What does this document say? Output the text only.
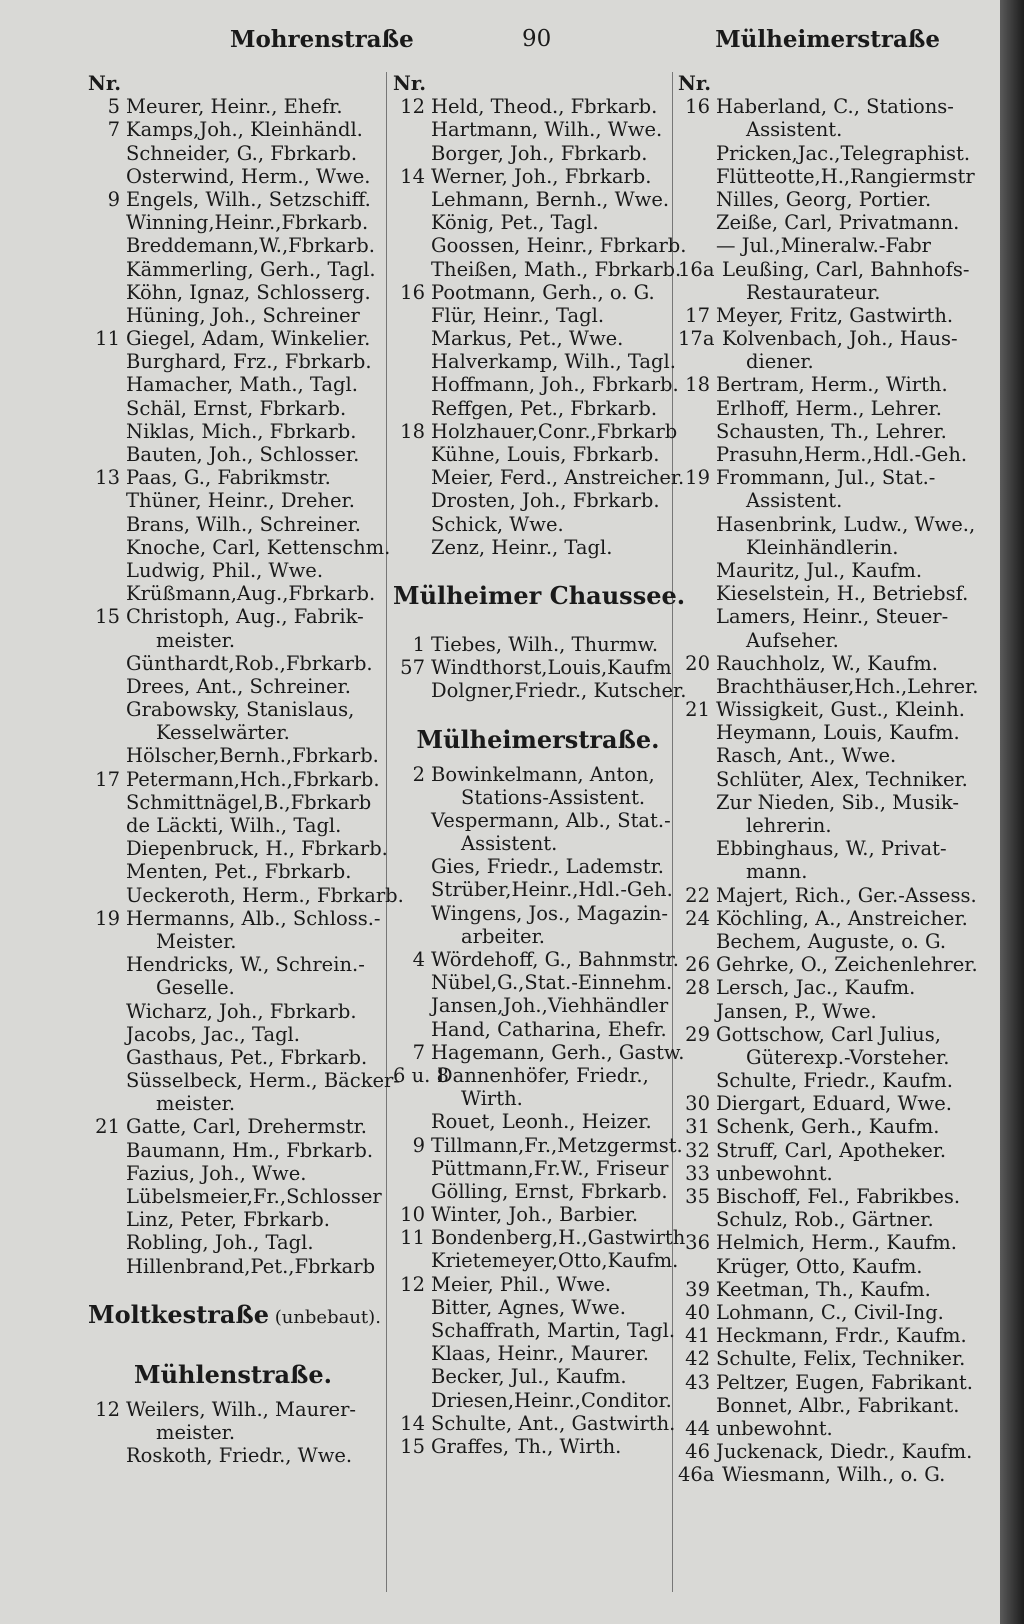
Mohrenstraße	90	Mülheimerstraße
Nr.
5 Meurer, Heinr., Ehefr.
7 Kamps,Joh., Kleinhändl.
Schneider, G., Fbrkarb.
Osterwind, Herm., Wwe.
9 Engels, Wilh., Setzschiff.
Winning,Heinr.,Fbrkarb.
Breddemann,W.,Fbrkarb.
Kämmerling, Gerh., Tagl.
Köhn, Ignaz, Schlosserg.
Hüning, Joh., Schreiner
11 Giegel, Adam, Winkelier.
Burghard, Frz., Fbrkarb.
Hamacher, Math., Tagl.
Schäl, Ernst, Fbrkarb.
Niklas, Mich., Fbrkarb.
Bauten, Joh., Schlosser.
13 Paas, G., Fabrikmstr.
Thüner, Heinr., Dreher.
Brans, Wilh., Schreiner.
Knoche, Carl, Kettenschm.
Ludwig, Phil., Wwe.
Krüßmann,Aug.,Fbrkarb.
15 Christoph, Aug., Fabrik-
meister.
Günthardt,Rob.,Fbrkarb.
Drees, Ant., Schreiner.
Grabowsky, Stanislaus,
Kesselwärter.
Hölscher,Bernh.,Fbrkarb.
17 Petermann,Hch.,Fbrkarb.
Schmittnägel,B.,Fbrkarb
de Läckti, Wilh., Tagl.
Diepenbruck, H., Fbrkarb.
Menten, Pet., Fbrkarb.
Ueckeroth, Herm., Fbrkarb.
19 Hermanns, Alb., Schloss.-
Meister.
Hendricks, W., Schrein.-
Geselle.
Wicharz, Joh., Fbrkarb.
Jacobs, Jac., Tagl.
Gasthaus, Pet., Fbrkarb.
Süsselbeck, Herm., Bäcker-
meister.
21 Gatte, Carl, Drehermstr.
Baumann, Hm., Fbrkarb.
Fazius, Joh., Wwe.
Lübelsmeier,Fr.,Schlosser
Linz, Peter, Fbrkarb.
Robling, Joh., Tagl.
Hillenbrand,Pet.,Fbrkarb
Moltkestraße (unbebaut).
Mühlenstraße.
12 Weilers, Wilh., Maurer-
meister.
Roskoth, Friedr., Wwe.
Nr.
12 Held, Theod., Fbrkarb.
Hartmann, Wilh., Wwe.
Borger, Joh., Fbrkarb.
14 Werner, Joh., Fbrkarb.
Lehmann, Bernh., Wwe.
König, Pet., Tagl.
Goossen, Heinr., Fbrkarb.
Theißen, Math., Fbrkarb.
16 Pootmann, Gerh., o. G.
Flür, Heinr., Tagl.
Markus, Pet., Wwe.
Halverkamp, Wilh., Tagl.
Hoffmann, Joh., Fbrkarb.
Reffgen, Pet., Fbrkarb.
18 Holzhauer,Conr.,Fbrkarb
Kühne, Louis, Fbrkarb.
Meier, Ferd., Anstreicher.
Drosten, Joh., Fbrkarb.
Schick, Wwe.
Zenz, Heinr., Tagl.
Mülheimer Chaussee.
1 Tiebes, Wilh., Thurmw.
57 Windthorst,Louis,Kaufm
Dolgner,Friedr., Kutscher.
Mülheimerstraße.
2 Bowinkelmann, Anton,
Stations-Assistent.
Vespermann, Alb., Stat.-
Assistent.
Gies, Friedr., Lademstr.
Strüber,Heinr.,Hdl.-Geh.
Wingens, Jos., Magazin-
arbeiter.
4 Wördehoff, G., Bahnmstr.
Nübel,G.,Stat.-Einnehm.
Jansen,Joh.,Viehhändler
Hand, Catharina, Ehefr.
7 Hagemann, Gerh., Gastw.
6 u. 8Dannenhöfer, Friedr.,
Wirth.
Rouet, Leonh., Heizer.
9 Tillmann,Fr.,Metzgermst.
Püttmann,Fr.W., Friseur
Gölling, Ernst, Fbrkarb.
10 Winter, Joh., Barbier.
11 Bondenberg,H.,Gastwirth
Krietemeyer,Otto,Kaufm.
12 Meier, Phil., Wwe.
Bitter, Agnes, Wwe.
Schaffrath, Martin, Tagl.
Klaas, Heinr., Maurer.
Becker, Jul., Kaufm.
Driesen,Heinr.,Conditor.
14 Schulte, Ant., Gastwirth.
15 Graffes, Th., Wirth.
Nr.
16 Haberland, C., Stations-
Assistent.
Pricken,Jac.,Telegraphist.
Flütteotte,H.,Rangiermstr
Nilles, Georg, Portier.
Zeiße, Carl, Privatmann.
— Jul.,Mineralw.-Fabr
16a Leußing, Carl, Bahnhofs-
Restaurateur.
17 Meyer, Fritz, Gastwirth.
17a Kolvenbach, Joh., Haus-
diener.
18 Bertram, Herm., Wirth.
Erlhoff, Herm., Lehrer.
Schausten, Th., Lehrer.
Prasuhn,Herm.,Hdl.-Geh.
19 Frommann, Jul., Stat.-
Assistent.
Hasenbrink, Ludw., Wwe.,
Kleinhändlerin.
Mauritz, Jul., Kaufm.
Kieselstein, H., Betriebsf.
Lamers, Heinr., Steuer-
Aufseher.
20 Rauchholz, W., Kaufm.
Brachthäuser,Hch.,Lehrer.
21 Wissigkeit, Gust., Kleinh.
Heymann, Louis, Kaufm.
Rasch, Ant., Wwe.
Schlüter, Alex, Techniker.
Zur Nieden, Sib., Musik-
lehrerin.
Ebbinghaus, W., Privat-
mann.
22 Majert, Rich., Ger.-Assess.
24 Köchling, A., Anstreicher.
Bechem, Auguste, o. G.
26 Gehrke, O., Zeichenlehrer.
28 Lersch, Jac., Kaufm.
Jansen, P., Wwe.
29 Gottschow, Carl Julius,
Güterexp.-Vorsteher.
Schulte, Friedr., Kaufm.
30 Diergart, Eduard, Wwe.
31 Schenk, Gerh., Kaufm.
32 Struff, Carl, Apotheker.
33 unbewohnt.
35 Bischoff, Fel., Fabrikbes.
Schulz, Rob., Gärtner.
36 Helmich, Herm., Kaufm.
Krüger, Otto, Kaufm.
39 Keetman, Th., Kaufm.
40 Lohmann, C., Civil-Ing.
41 Heckmann, Frdr., Kaufm.
42 Schulte, Felix, Techniker.
43 Peltzer, Eugen, Fabrikant.
Bonnet, Albr., Fabrikant.
44 unbewohnt.
46 Juckenack, Diedr., Kaufm.
46a Wiesmann, Wilh., o. G.
